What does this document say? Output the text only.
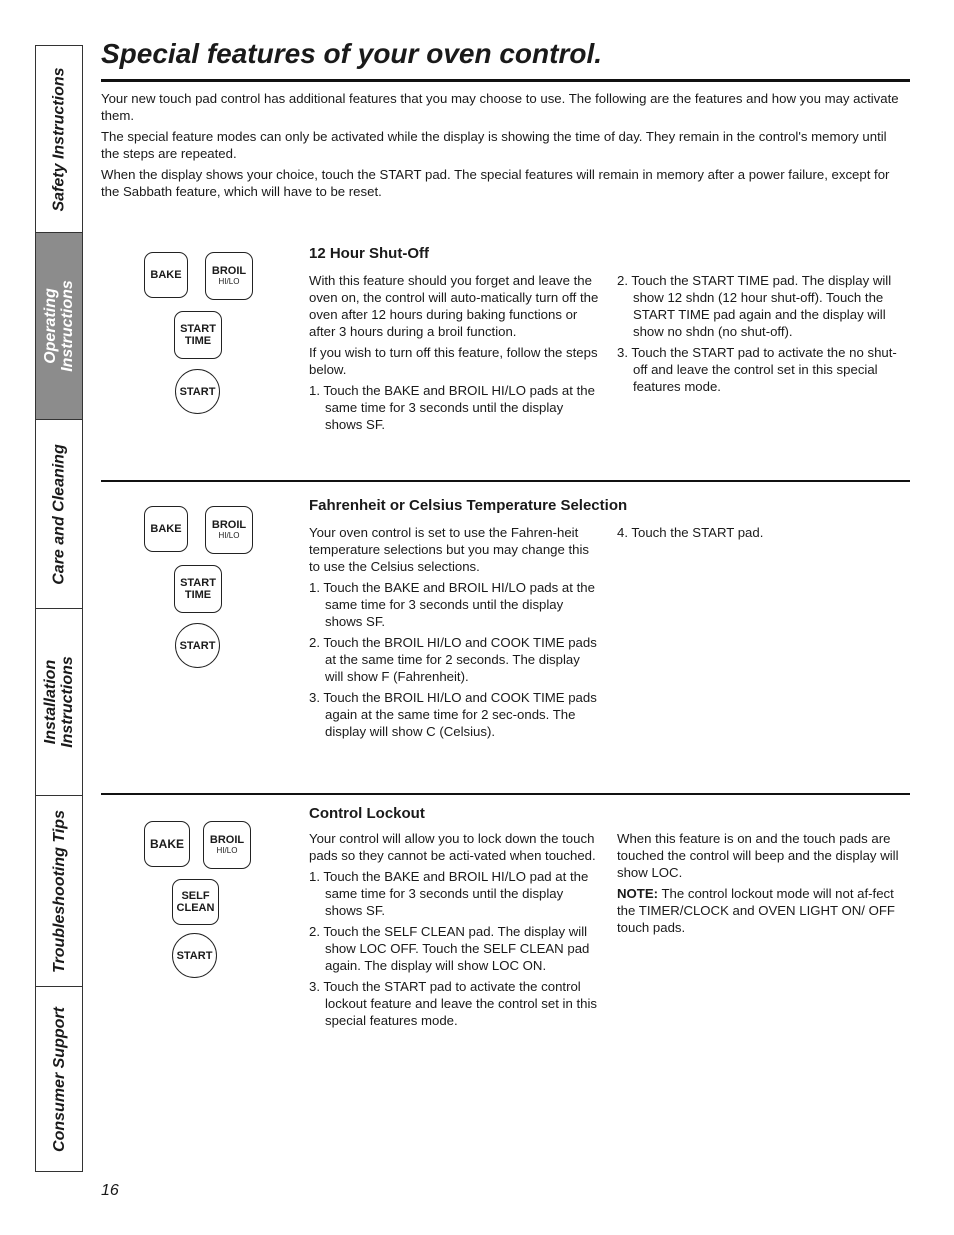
Safety Instructions
Operating Instructions
Care and Cleaning
Installation Instructions
Troubleshooting Tips
Consumer Support
Special features of your oven control.

Your new touch pad control has additional features that you may choose to use. The following are the features and how you may activate them.

The special feature modes can only be activated while the display is showing the time of day. They remain in the control's memory until the steps are repeated.

When the display shows your choice, touch the START pad. The special features will remain in memory after a power failure, except for the Sabbath feature, which will have to be reset.

BAKE	BROIL
HI/LO
START
TIME
START
12 Hour Shut-Off

With this feature should you forget and leave the oven on, the control will auto-matically turn off the oven after 12 hours during baking functions or after 3 hours during a broil function.

If you wish to turn off this feature, follow the steps below.

1. Touch the BAKE and BROIL HI/LO pads at the same time for 3 seconds until the display shows SF.

2. Touch the START TIME pad. The display will show 12 shdn (12 hour shut-off). Touch the START TIME pad again and the display will show no shdn (no shut-off).

3. Touch the START pad to activate the no shut-off and leave the control set in this special features mode.

BAKE	BROIL
HI/LO
START
TIME
START
Fahrenheit or Celsius Temperature Selection

Your oven control is set to use the Fahren-heit temperature selections but you may change this to use the Celsius selections.

1. Touch the BAKE and BROIL HI/LO pads at the same time for 3 seconds until the display shows SF.

2. Touch the BROIL HI/LO and COOK TIME pads at the same time for 2 seconds. The display will show F (Fahrenheit).

3. Touch the BROIL HI/LO and COOK TIME pads again at the same time for 2 sec-onds. The display will show C (Celsius).

4. Touch the START pad.

BAKE BROIL
HI/LO
SELF
CLEAN
START
Control Lockout

Your control will allow you to lock down the touch pads so they cannot be acti-vated when touched.

1. Touch the BAKE and BROIL HI/LO pad at the same time for 3 seconds until the display shows SF.

2. Touch the SELF CLEAN pad. The display will show LOC OFF. Touch the SELF CLEAN pad again. The display will show LOC ON.

3. Touch the START pad to activate the control lockout feature and leave the control set in this special features mode.

When this feature is on and the touch pads are touched the control will beep and the display will show LOC.

NOTE: The control lockout mode will not af-fect the TIMER/CLOCK and OVEN LIGHT ON/ OFF touch pads.

16
